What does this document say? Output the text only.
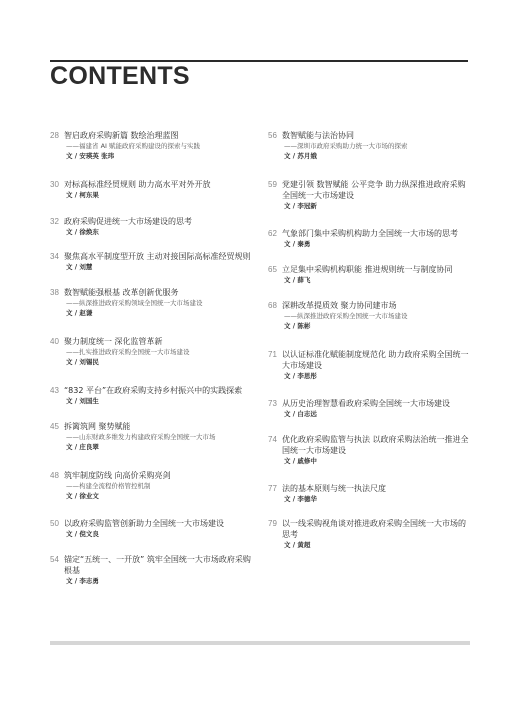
CONTENTS
28 智启政府采购新篇 数绘治理蓝图

——福建省 AI 赋能政府采购建设的探索与实践

文 / 安瑛英 张玮

30 对标高标准经贸规则 助力高水平对外开放

文 / 柯东果

32 政府采购促进统一大市场建设的思考

文 / 徐焕东

34 聚焦高水平制度型开放 主动对接国际高标准经贸规则

文 / 刘慧

38 数智赋能强根基 改革创新优服务

——纵深推进政府采购领域全国统一大市场建设

文 / 赵谦

40 聚力制度统一 深化监管革新

——扎实推进政府采购全国统一大市场建设

文 / 刘锡民

43 “832 平台”在政府采购支持乡村振兴中的实践探索

文 / 刘国生

45 拆篱筑网 聚势赋能

——山东财政多维发力构建政府采购全国统一大市场

文 / 庄良翠

48 筑牢制度防线 向高价采购亮剑

——构建全流程价格管控机制

文 / 徐业文

50 以政府采购监管创新助力全国统一大市场建设

文 / 倪文良

54 锚定“五统一、一开放” 筑牢全国统一大市场政府采购根基

文 / 李志勇

56 数智赋能与法治协同

——深圳市政府采购助力统一大市场的探索

文 / 苏月娥

59 党建引领 数智赋能 公平竞争 助力纵深推进政府采购全国统一大市场建设

文 / 李冠新

62 气象部门集中采购机构助力全国统一大市场的思考

文 / 秦勇

65 立足集中采购机构职能 推进规则统一与制度协同

文 / 薛飞

68 深耕改革提质效 聚力协同建市场

——纵深推进政府采购全国统一大市场建设

文 / 陈彬

71 以认证标准化赋能制度规范化 助力政府采购全国统一大市场建设

文 / 李思彤

73 从历史治理智慧看政府采购全国统一大市场建设

文 / 白志远

74 优化政府采购监管与执法 以政府采购法治统一推进全国统一大市场建设

文 / 戚修中

77 法的基本原则与统一执法尺度

文 / 李德华

79 以一线采购视角谈对推进政府采购全国统一大市场的思考

文 / 黄超
